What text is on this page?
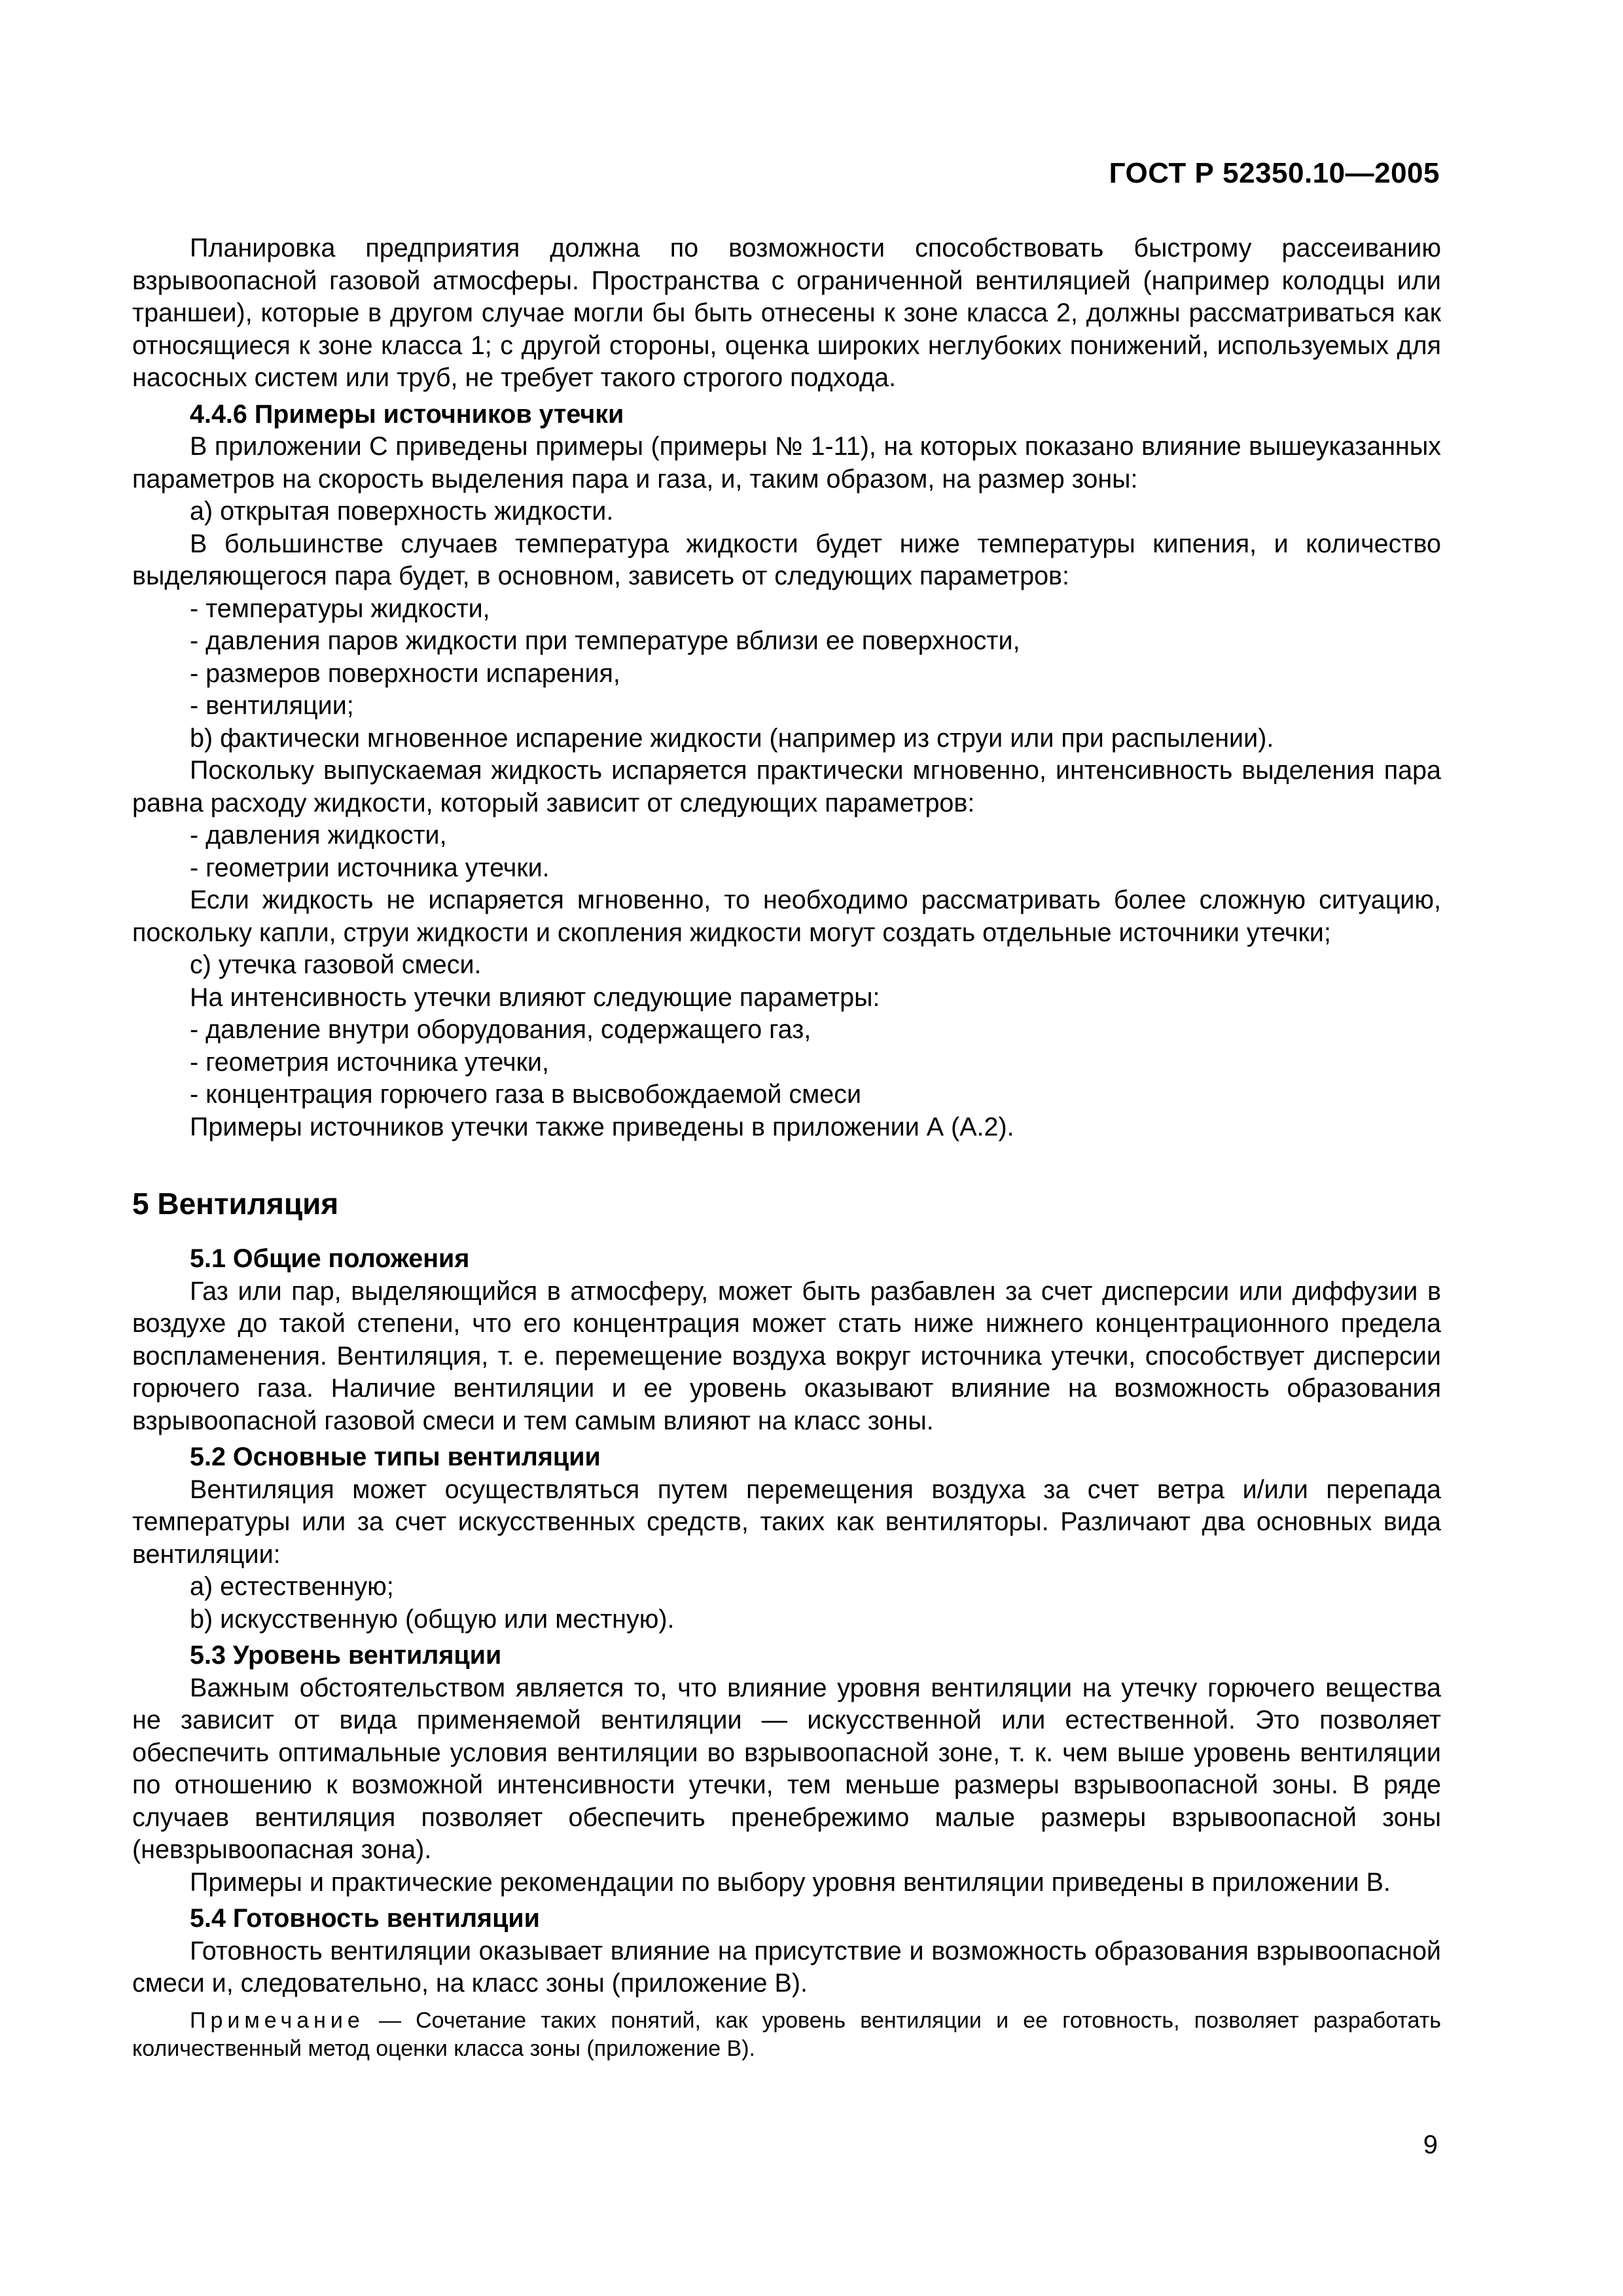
ГОСТ Р 52350.10—2005

Планировка предприятия должна по возможности способствовать быстрому рассеиванию взрывоопасной газовой атмосферы. Пространства с ограниченной вентиляцией (например колодцы или траншеи), которые в другом случае могли бы быть отнесены к зоне класса 2, должны рассматриваться как относящиеся к зоне класса 1; с другой стороны, оценка широких неглубоких понижений, используемых для насосных систем или труб, не требует такого строгого подхода.

4.4.6 Примеры источников утечки

В приложении С приведены примеры (примеры № 1-11), на которых показано влияние вышеуказанных параметров на скорость выделения пара и газа, и, таким образом, на размер зоны:

а) открытая поверхность жидкости.

В большинстве случаев температура жидкости будет ниже температуры кипения, и количество выделяющегося пара будет, в основном, зависеть от следующих параметров:

- температуры жидкости,

- давления паров жидкости при температуре вблизи ее поверхности,

- размеров поверхности испарения,

- вентиляции;

b) фактически мгновенное испарение жидкости (например из струи или при распылении).

Поскольку выпускаемая жидкость испаряется практически мгновенно, интенсивность выделения пара равна расходу жидкости, который зависит от следующих параметров:

- давления жидкости,

- геометрии источника утечки.

Если жидкость не испаряется мгновенно, то необходимо рассматривать более сложную ситуацию, поскольку капли, струи жидкости и скопления жидкости могут создать отдельные источники утечки;

с) утечка газовой смеси.

На интенсивность утечки влияют следующие параметры:

- давление внутри оборудования, содержащего газ,

- геометрия источника утечки,

- концентрация горючего газа в высвобождаемой смеси

Примеры источников утечки также приведены в приложении А (А.2).

5 Вентиляция

5.1 Общие положения

Газ или пар, выделяющийся в атмосферу, может быть разбавлен за счет дисперсии или диффузии в воздухе до такой степени, что его концентрация может стать ниже нижнего концентрационного предела воспламенения. Вентиляция, т. е. перемещение воздуха вокруг источника утечки, способствует дисперсии горючего газа. Наличие вентиляции и ее уровень оказывают влияние на возможность образования взрывоопасной газовой смеси и тем самым влияют на класс зоны.

5.2 Основные типы вентиляции

Вентиляция может осуществляться путем перемещения воздуха за счет ветра и/или перепада температуры или за счет искусственных средств, таких как вентиляторы. Различают два основных вида вентиляции:

а) естественную;

b) искусственную (общую или местную).

5.3 Уровень вентиляции

Важным обстоятельством является то, что влияние уровня вентиляции на утечку горючего вещества не зависит от вида применяемой вентиляции — искусственной или естественной. Это позволяет обеспечить оптимальные условия вентиляции во взрывоопасной зоне, т. к. чем выше уровень вентиляции по отношению к возможной интенсивности утечки, тем меньше размеры взрывоопасной зоны. В ряде случаев вентиляция позволяет обеспечить пренебрежимо малые размеры взрывоопасной зоны (невзрывоопасная зона).

Примеры и практические рекомендации по выбору уровня вентиляции приведены в приложении В.

5.4 Готовность вентиляции

Готовность вентиляции оказывает влияние на присутствие и возможность образования взрывоопасной смеси и, следовательно, на класс зоны (приложение В).

Примечание — Сочетание таких понятий, как уровень вентиляции и ее готовность, позволяет разработать количественный метод оценки класса зоны (приложение В).

9
